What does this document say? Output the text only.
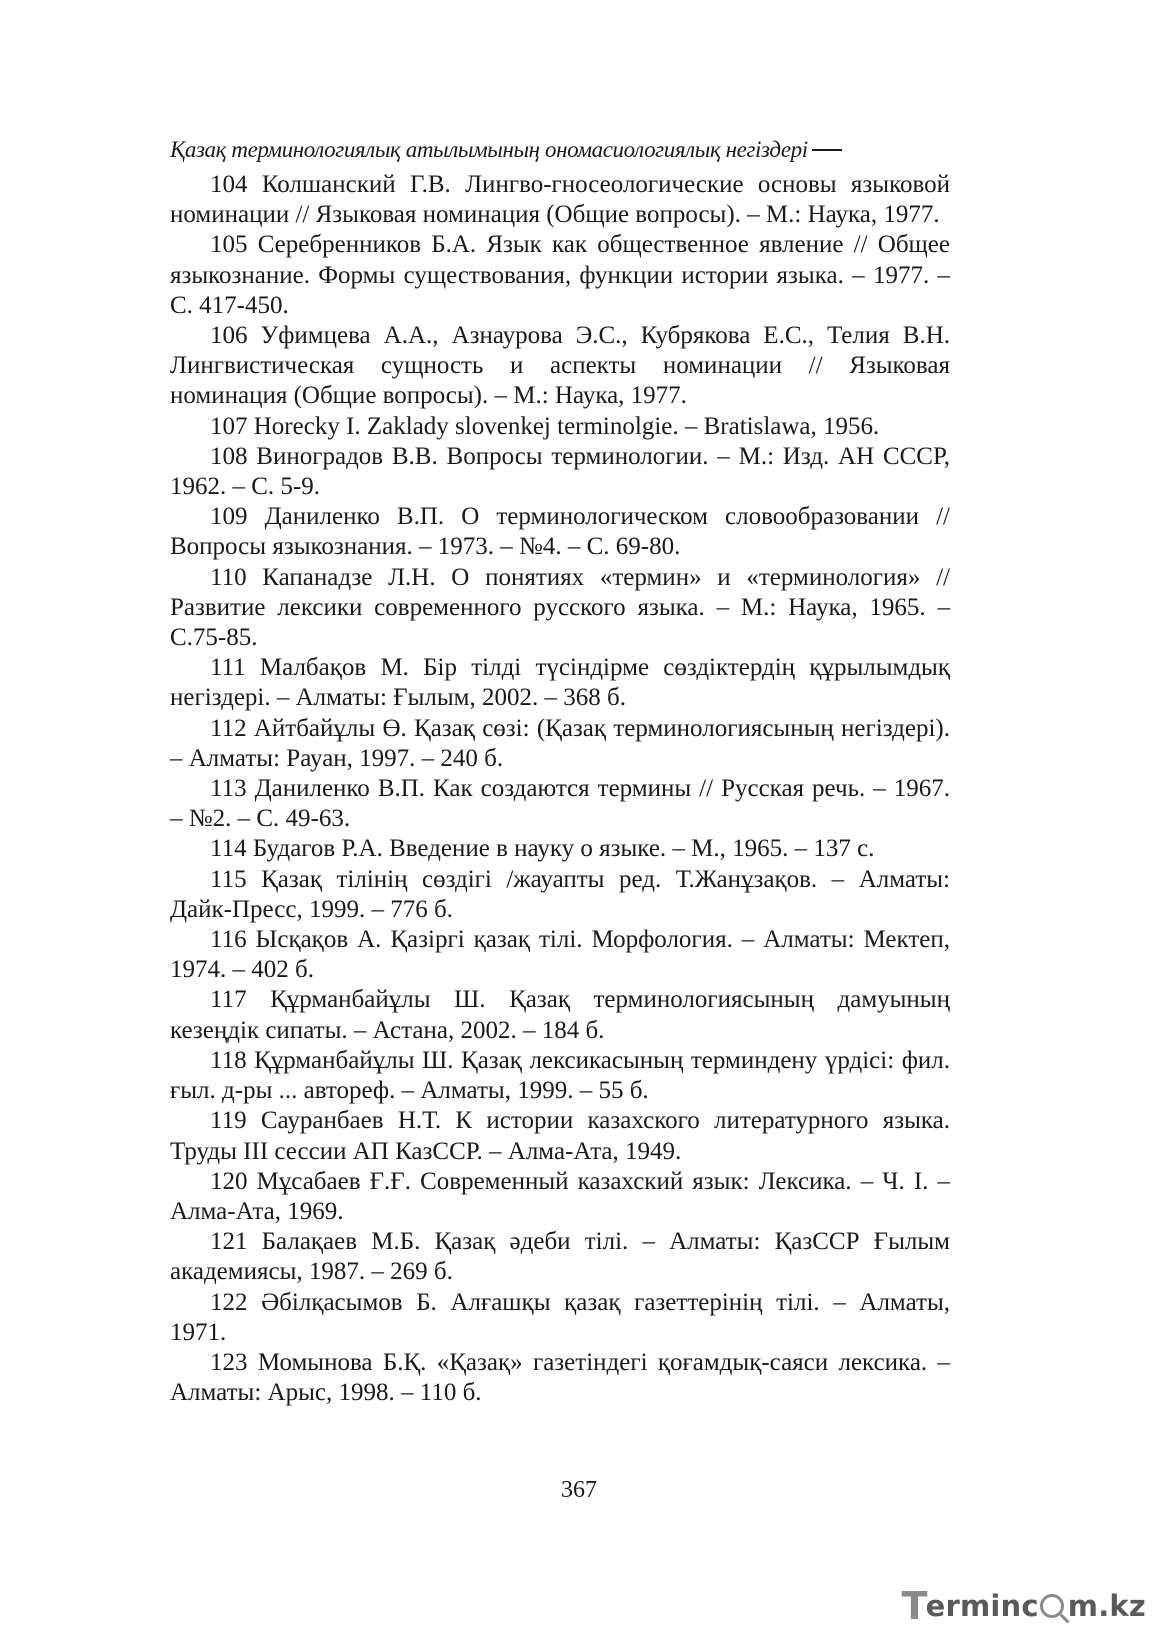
Қазақ терминологиялық атылымының ономасиологиялық негіздері

104 Колшанский Г.В. Лингво-гносеологические основы языковой номинации // Языковая номинация (Общие вопросы). – М.: Наука, 1977.

105 Серебренников Б.А. Язык как общественное явление // Общее языкознание. Формы существования, функции истории языка. – 1977. – С. 417-450.

106 Уфимцева А.А., Азнаурова Э.С., Кубрякова Е.С., Телия В.Н. Лингвистическая сущность и аспекты номинации // Языковая номинация (Общие вопросы). – М.: Наука, 1977.

107 Horecky I. Zaklady slovenkej terminolgie. – Bratislawa, 1956.

108 Виноградов В.В. Вопросы терминологии. – М.: Изд. АН СССР, 1962. – С. 5-9.

109 Даниленко В.П. О терминологическом словообразовании // Вопросы языкознания. – 1973. – №4. – С. 69-80.

110 Капанадзе Л.Н. О понятиях «термин» и «терминология» // Развитие лексики современного русского языка. – М.: Наука, 1965. – С.75-85.

111 Малбақов М. Бір тілді түсіндірме сөздіктердің құрылымдық негіздері. – Алматы: Ғылым, 2002. – 368 б.

112 Айтбайұлы Ө. Қазақ сөзі: (Қазақ терминологиясының негіздері). – Алматы: Рауан, 1997. – 240 б.

113 Даниленко В.П. Как создаются термины // Русская речь. – 1967. – №2. – С. 49-63.

114 Будагов Р.А. Введение в науку о языке. – М., 1965. – 137 с.

115 Қазақ тілінің сөздігі /жауапты ред. Т.Жанұзақов. – Алматы: Дайк-Пресс, 1999. – 776 б.

116 Ысқақов А. Қазіргі қазақ тілі. Морфология. – Алматы: Мектеп, 1974. – 402 б.

117 Құрманбайұлы Ш. Қазақ терминологиясының дамуының кезеңдік сипаты. – Астана, 2002. – 184 б.

118 Құрманбайұлы Ш. Қазақ лексикасының терминдену үрдісі: фил. ғыл. д-ры ... автореф. – Алматы, 1999. – 55 б.

119 Сауранбаев Н.Т. К истории казахского литературного языка. Труды III сессии АП КазССР. – Алма-Ата, 1949.

120 Мұсабаев Ғ.Ғ. Современный казахский язык: Лексика. – Ч. I. – Алма-Ата, 1969.

121 Балақаев М.Б. Қазақ әдеби тілі. – Алматы: ҚазССР Ғылым академиясы, 1987. – 269 б.

122 Әбілқасымов Б. Алғашқы қазақ газеттерінің тілі. – Алматы, 1971.

123 Момынова Б.Қ. «Қазақ» газетіндегі қоғамдық-саяси лексика. – Алматы: Арыс, 1998. – 110 б.

367
T
erminc m.kz
